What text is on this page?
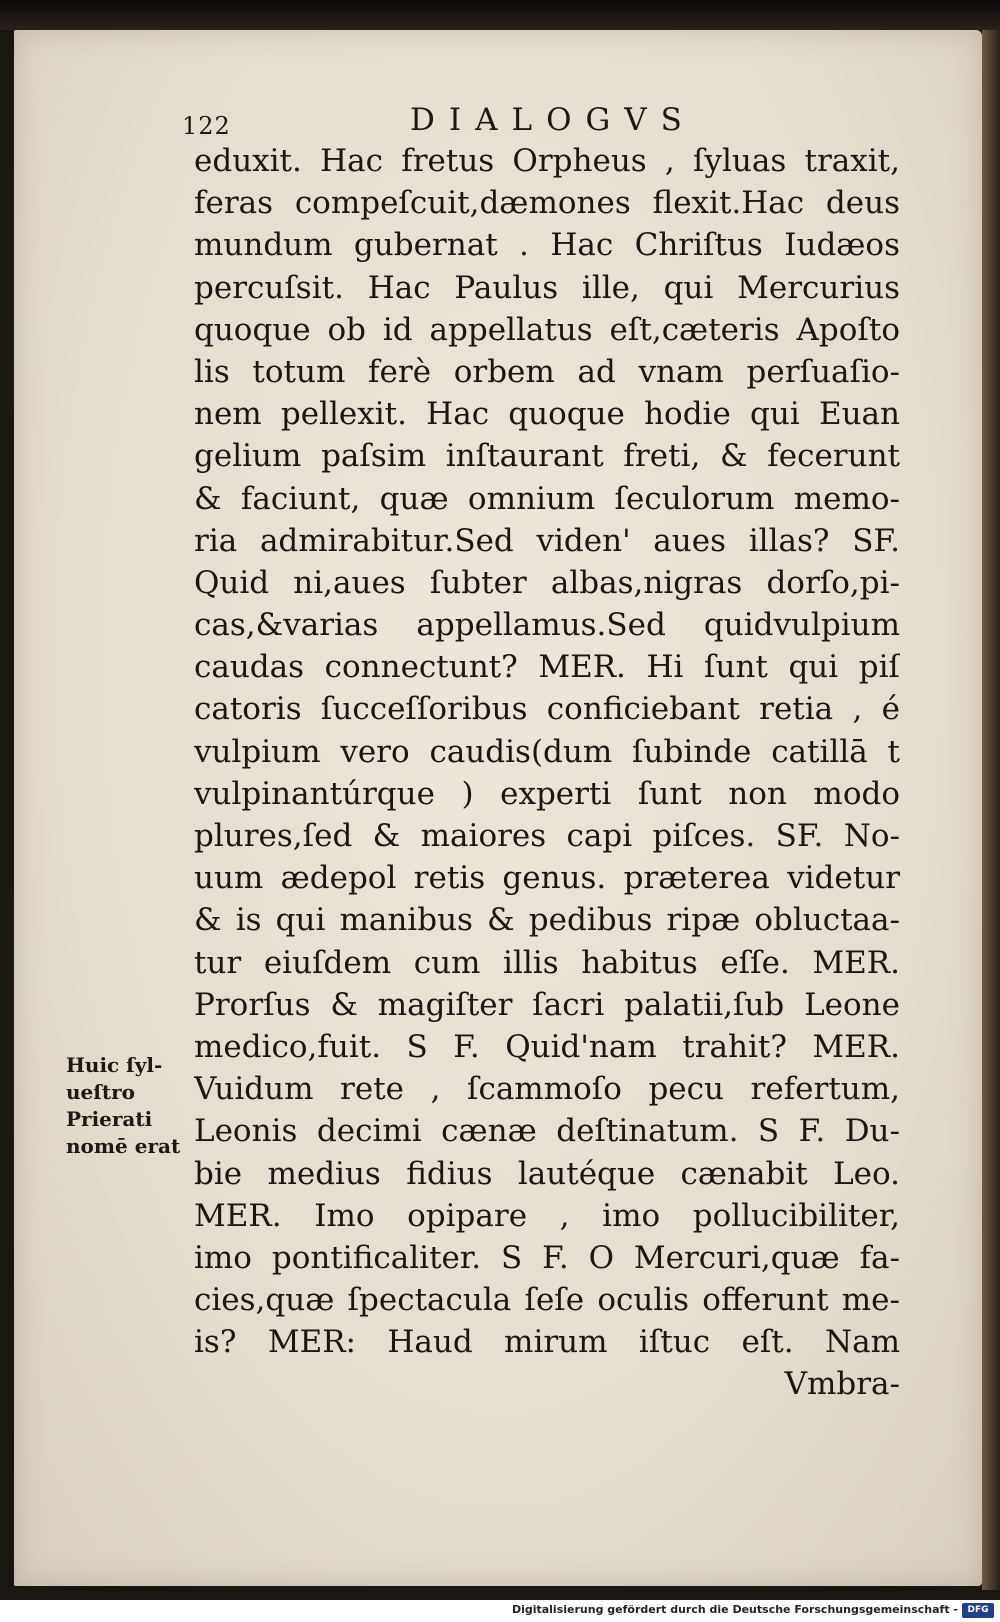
122	DIALOGVS
eduxit. Hac fretus Orpheus , ſyluas traxit,
feras compeſcuit,dæmones flexit.Hac deus
mundum gubernat . Hac Chriſtus Iudæos
percuſsit. Hac Paulus ille, qui Mercurius
quoque ob id appellatus eſt,cæteris Apoſto
lis totum ferè orbem ad vnam perſuaſio-
nem pellexit. Hac quoque hodie qui Euan
gelium paſsim inſtaurant freti, & fecerunt
& faciunt, quæ omnium ſeculorum memo-
ria admirabitur.Sed viden' aues illas? SF.
Quid ni,aues ſubter albas,nigras dorſo,pi-
cas,&varias appellamus.Sed quidvulpium
caudas connectunt? MER. Hi ſunt qui piſ
catoris ſucceſſoribus conficiebant retia , é
vulpium vero caudis(dum ſubinde catillā t
vulpinantúrque ) experti ſunt non modo
plures,ſed & maiores capi piſces. SF. No-
uum ædepol retis genus. præterea videtur
& is qui manibus & pedibus ripæ obluctaa-
tur eiuſdem cum illis habitus eſſe. MER.
Prorſus & magiſter ſacri palatii,ſub Leone
medico,fuit. S F. Quid'nam trahit? MER.
Vuidum rete , ſcammoſo pecu refertum,
Leonis decimi cænæ deſtinatum. S F. Du-
bie medius fidius lautéque cænabit Leo.
MER. Imo opipare , imo pollucibiliter,
imo pontificaliter. S F. O Mercuri,quæ fa-
cies,quæ ſpectacula ſeſe oculis offerunt me-
is? MER: Haud mirum iſtuc eſt. Nam
Vmbra-
Huic ſyl-
ueſtro
Prierati
nomē erat
Digitalisierung gefördert durch die Deutsche Forschungsgemeinschaft -	DFG
